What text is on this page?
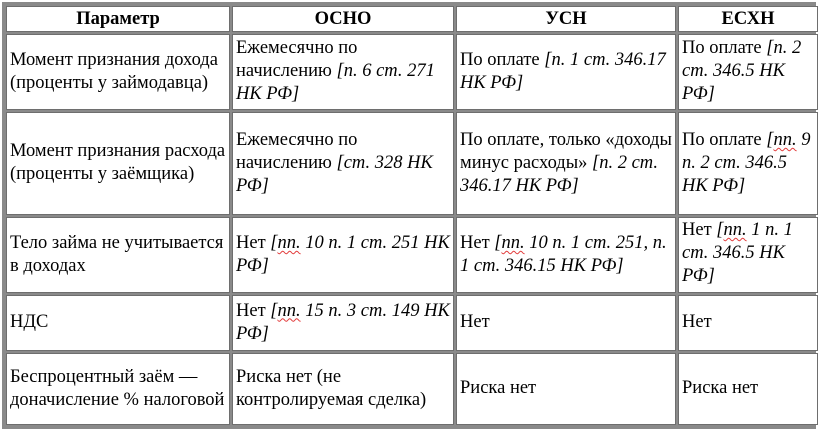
Параметр	ОСНО	УСН	ЕСХН
Момент признания дохода (проценты у займодавца)	Ежемесячно по начислению [п. 6 ст. 271 НК РФ]	По оплате [п. 1 ст. 346.17 НК РФ]	По оплате [п. 2 ст. 346.5 НК РФ]
Момент признания расхода (проценты у заёмщика)	Ежемесячно по начислению [ст. 328 НК РФ]	По оплате, только «доходы минус расходы» [п. 2 ст. 346.17 НК РФ]	По оплате [пп. 9 п. 2 ст. 346.5 НК РФ]
Тело займа не учитывается в доходах	Нет [пп. 10 п. 1 ст. 251 НК РФ]	Нет [пп. 10 п. 1 ст. 251, п. 1 ст. 346.15 НК РФ]	Нет [пп. 1 п. 1 ст. 346.5 НК РФ]
НДС	Нет [пп. 15 п. 3 ст. 149 НК РФ]	Нет	Нет
Беспроцентный заём — доначисление % налоговой	Риска нет (не контролируемая сделка)	Риска нет	Риска нет
